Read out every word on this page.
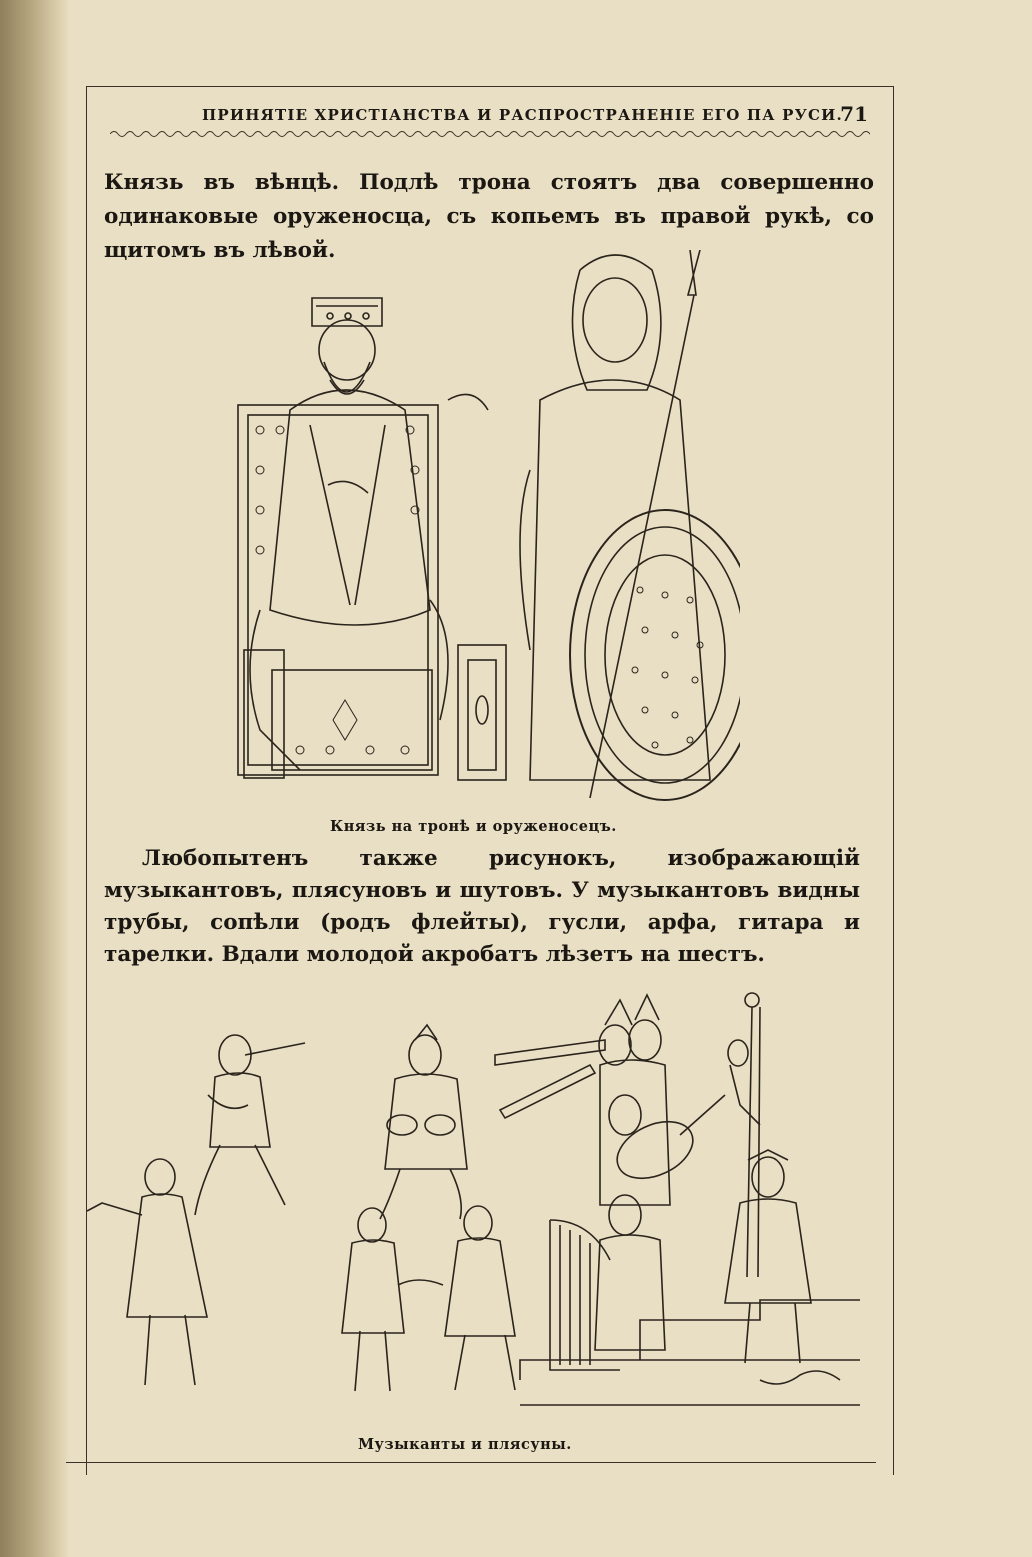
ПРИНЯТІЕ ХРИСТІАНСТВА И РАСПРОСТРАНЕНІЕ ЕГО ПА РУСИ.
71
Князь въ вѣнцѣ. Подлѣ трона стоятъ два совершенно одинаковые оруженосца, съ копьемъ въ правой рукѣ, со щитомъ въ лѣвой.
Князь на тронѣ и оруженосецъ.
Любопытенъ также рисунокъ, изображающій музыкантовъ, плясуновъ и шутовъ. У музыкантовъ видны трубы, сопѣли (родъ флейты), гусли, арфа, гитара и тарелки. Вдали молодой акробатъ лѣзетъ на шестъ.
Музыканты и плясуны.
